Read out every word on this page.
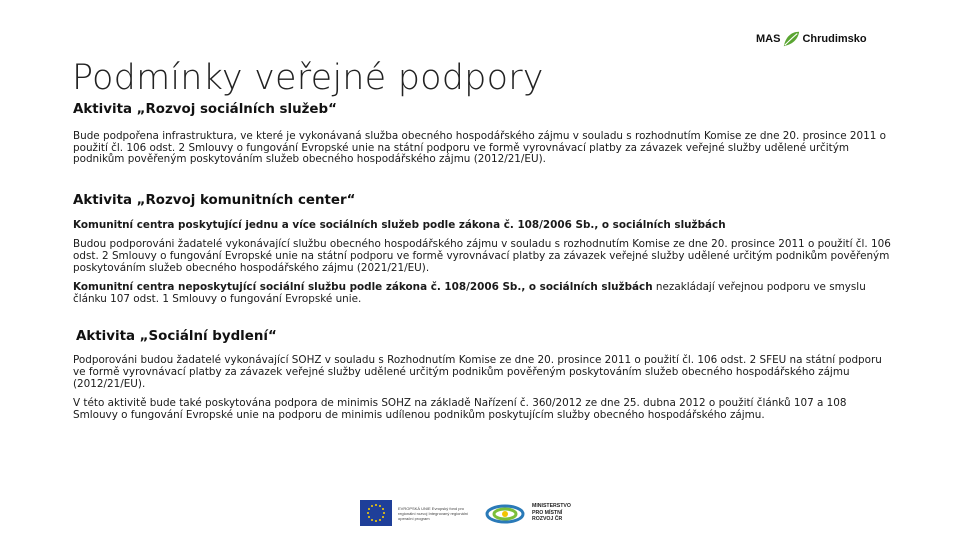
MAS Chrudimsko
Podmínky veřejné podpory
Aktivita „Rozvoj sociálních služeb“
Bude podpořena infrastruktura, ve které je vykonávaná služba obecného hospodářského zájmu v souladu s rozhodnutím Komise ze dne 20. prosince 2011 o použití čl. 106 odst. 2 Smlouvy o fungování Evropské unie na státní podporu ve formě vyrovnávací platby za závazek veřejné služby udělené určitým podnikům pověřeným poskytováním služeb obecného hospodářského zájmu (2012/21/EU).
Aktivita „Rozvoj komunitních center“
Komunitní centra poskytující jednu a více sociálních služeb podle zákona č. 108/2006 Sb., o sociálních službách
Budou podporováni žadatelé vykonávající službu obecného hospodářského zájmu v souladu s rozhodnutím Komise ze dne 20. prosince 2011 o použití čl. 106 odst. 2 Smlouvy o fungování Evropské unie na státní podporu ve formě vyrovnávací platby za závazek veřejné služby udělené určitým podnikům pověřeným poskytováním služeb obecného hospodářského zájmu (2021/21/EU).
Komunitní centra neposkytující sociální službu podle zákona č. 108/2006 Sb., o sociálních službách nezakládají veřejnou podporu ve smyslu článku 107 odst. 1 Smlouvy o fungování Evropské unie.
Aktivita „Sociální bydlení“
Podporováni budou žadatelé vykonávající SOHZ v souladu s Rozhodnutím Komise ze dne 20. prosince 2011 o použití čl. 106 odst. 2 SFEU na státní podporu ve formě vyrovnávací platby za závazek veřejné služby udělené určitým podnikům pověřeným poskytováním služeb obecného hospodářského zájmu (2012/21/EU).
V této aktivitě bude také poskytována podpora de minimis SOHZ na základě Nařízení č. 360/2012 ze dne 25. dubna 2012 o použití článků 107 a 108 Smlouvy o fungování Evropské unie na podporu de minimis udílenou podnikům poskytujícím služby obecného hospodářského zájmu.
EVROPSKÁ UNIE Evropský fond pro regionální rozvoj Integrovaný regionální operační program
MINISTERSTVO PRO MÍSTNÍ ROZVOJ ČR
